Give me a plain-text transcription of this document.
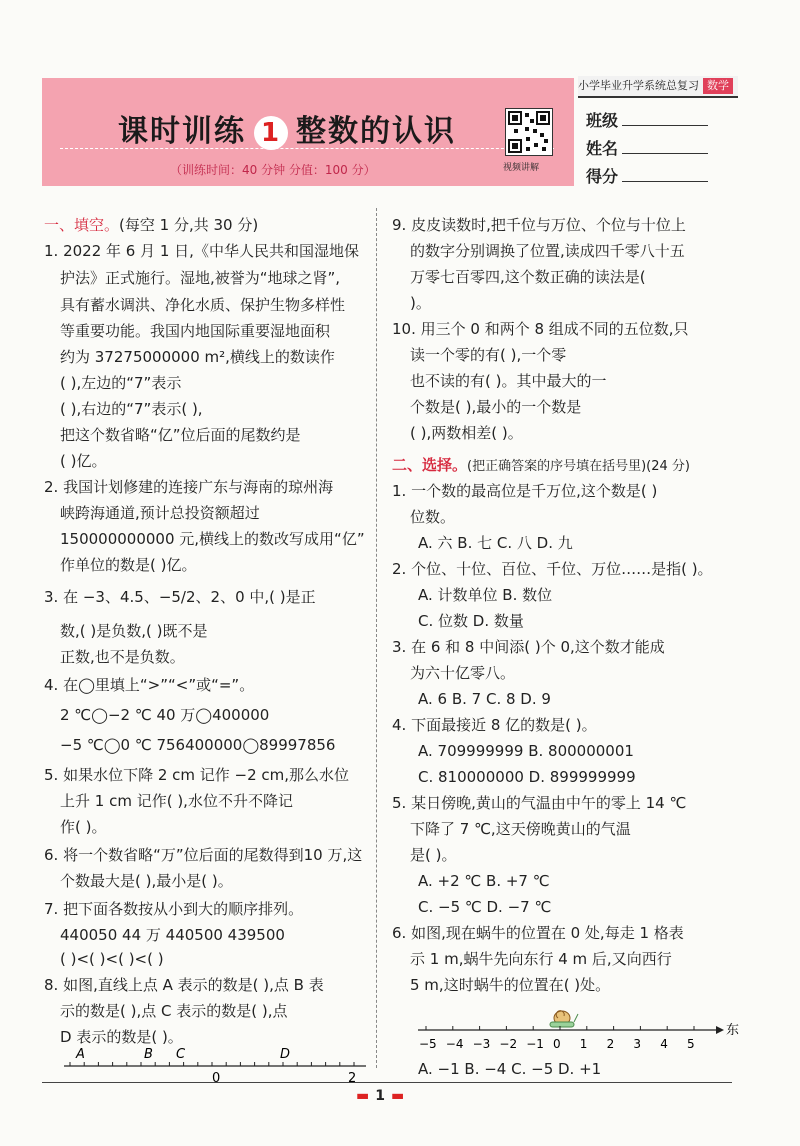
课时训练 1 整数的认识
（训练时间：40 分钟 分值：100 分）	视频讲解
小学毕业升学系统总复习 数学
班级
姓名
得分
一、填空。(每空 1 分,共 30 分)
1. 2022 年 6 月 1 日,《中华人民共和国湿地保
护法》正式施行。湿地,被誉为“地球之肾”,
具有蓄水调洪、净化水质、保护生物多样性
等重要功能。我国内地国际重要湿地面积
约为 37275000000 m²,横线上的数读作
( ),左边的“7”表示
( ),右边的“7”表示( ),
把这个数省略“亿”位后面的尾数约是
( )亿。
2. 我国计划修建的连接广东与海南的琼州海
峡跨海通道,预计总投资额超过
150000000000 元,横线上的数改写成用“亿”
作单位的数是( )亿。
3. 在 −3、4.5、−5/2、2、0 中,( )是正
数,( )是负数,( )既不是
正数,也不是负数。
4. 在◯里填上“>”“<”或“=”。
2 ℃◯−2 ℃ 40 万◯400000
−5 ℃◯0 ℃ 756400000◯89997856
5. 如果水位下降 2 cm 记作 −2 cm,那么水位
上升 1 cm 记作( ),水位不升不降记
作( )。
6. 将一个数省略“万”位后面的尾数得到10 万,这
个数最大是( ),最小是( )。
7. 把下面各数按从小到大的顺序排列。
440050 44 万 440500 439500
( )<( )<( )<( )
8. 如图,直线上点 A 表示的数是( ),点 B 表
示的数是( ),点 C 表示的数是( ),点
D 表示的数是( )。
A	B C	D
0	2
9. 皮皮读数时,把千位与万位、个位与十位上
的数字分别调换了位置,读成四千零八十五
万零七百零四,这个数正确的读法是(
)。
10. 用三个 0 和两个 8 组成不同的五位数,只
读一个零的有( ),一个零
也不读的有( )。其中最大的一
个数是( ),最小的一个数是
( ),两数相差( )。
二、选择。(把正确答案的序号填在括号里)(24 分)
1. 一个数的最高位是千万位,这个数是( )
位数。
A. 六 B. 七 C. 八 D. 九
2. 个位、十位、百位、千位、万位……是指( )。
A. 计数单位 B. 数位
C. 位数 D. 数量
3. 在 6 和 8 中间添( )个 0,这个数才能成
为六十亿零八。
A. 6 B. 7 C. 8 D. 9
4. 下面最接近 8 亿的数是( )。
A. 709999999 B. 800000001
C. 810000000 D. 899999999
5. 某日傍晚,黄山的气温由中午的零上 14 ℃
下降了 7 ℃,这天傍晚黄山的气温
是( )。
A. +2 ℃ B. +7 ℃
C. −5 ℃ D. −7 ℃
6. 如图,现在蜗牛的位置在 0 处,每走 1 格表
示 1 m,蜗牛先向东行 4 m 后,又向西行
5 m,这时蜗牛的位置在( )处。
A. −1 B. −4 C. −5 D. +1
东
−5 −4 −3 −2 −1 0 1 2 3 4 5
▬ 1 ▬
